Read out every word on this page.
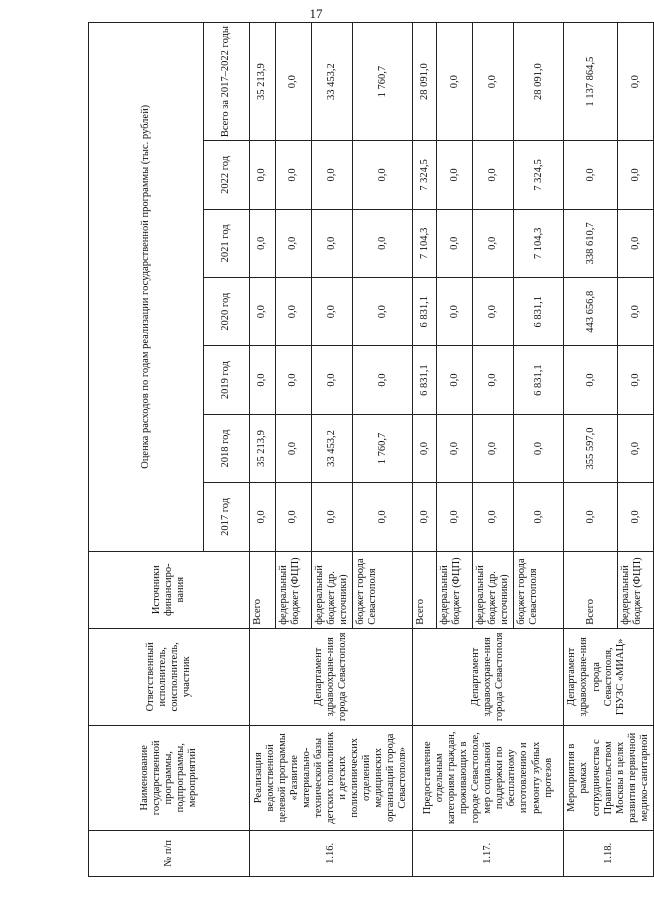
17
№ п/п	Наименование государственной программы, подпрограммы, мероприятий	Ответственный исполнитель, соисполнитель, участник	Источники финансиро-вания	Оценка расходов по годам реализации государственной программы (тыс. рублей)						
				2017 год	2018 год	2019 год	2020 год	2021 год	2022 год	Всего за 2017–2022 годы
1.16.	Реализация ведомственной целевой программы «Развитие материально-технической базы детских поликлиник и детских поликлинических отделений медицинских организаций города Севастополя»	Департамент здравоохране-ния города Севастополя	Всего	0,0	35 213,9	0,0	0,0	0,0	0,0	35 213,9
			федеральный бюджет (ФЦП)	0,0	0,0	0,0	0,0	0,0	0,0	0,0
			федеральный бюджет (др. источники)	0,0	33 453,2	0,0	0,0	0,0	0,0	33 453,2
			бюджет города Севастополя	0,0	1 760,7	0,0	0,0	0,0	0,0	1 760,7
1.17.	Предоставление отдельным категориям граждан, проживающих в городе Севастополе, мер социальной поддержки по бесплатному изготовлению и ремонту зубных протезов	Департамент здравоохране-ния города Севастополя	Всего	0,0	0,0	6 831,1	6 831,1	7 104,3	7 324,5	28 091,0
			федеральный бюджет (ФЦП)	0,0	0,0	0,0	0,0	0,0	0,0	0,0
			федеральный бюджет (др. источники)	0,0	0,0	0,0	0,0	0,0	0,0	0,0
			бюджет города Севастополя	0,0	0,0	6 831,1	6 831,1	7 104,3	7 324,5	28 091,0
1.18.	Мероприятия в рамках сотрудничества с Правительством Москвы в целях развития первичной медико-санитарной	Департамент здравоохране-ния города Севастополя, ГБУЗС «МИАЦ»	Всего	0,0	355 597,0	0,0	443 656,8	338 610,7	0,0	1 137 864,5
			федеральный бюджет (ФЦП)	0,0	0,0	0,0	0,0	0,0	0,0	0,0
